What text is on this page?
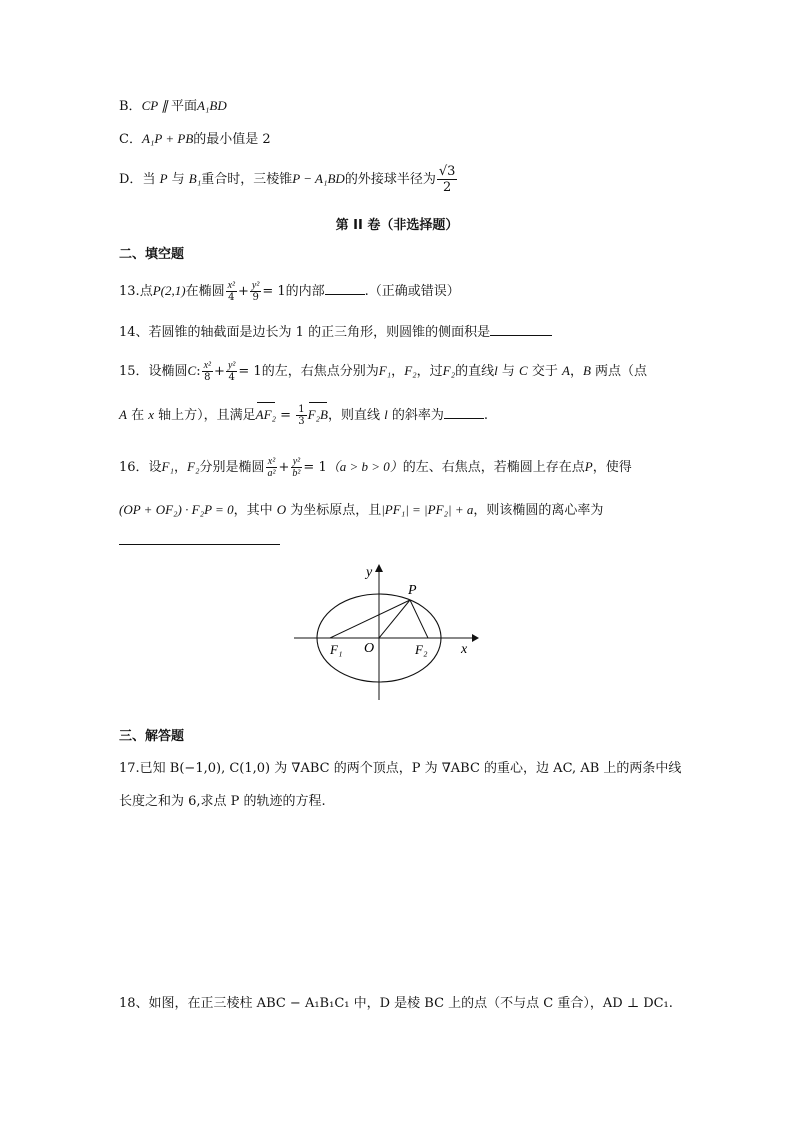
B．CP ∥ 平面A₁BD
C．A₁P + PB的最小值是 2
D．当 P 与 B₁重合时，三棱锥P − A₁BD的外接球半径为 $\frac{√3}{2}$
第 II 卷（非选择题）
二、填空题
13.点P(2,1)在椭圆 $\frac{\text{x²}}{4} + \frac{\text{y²}}{9} = 1$的内部	.（正确或错误）
14、若圆锥的轴截面是边长为 1 的正三角形，则圆锥的侧面积是
15．设椭圆C: $\frac{\text{x²}}{8} + \frac{\text{y²}}{4} = 1$的左，右焦点分别为F₁，F₂，过F₂的直线l 与 C 交于 A，B 两点（点
A 在 x 轴上方），且满足$AF_2 = \frac{1}{3} F_2B$，则直线 l 的斜率为	.
16．设F₁，F₂分别是椭圆 $\frac{\text{x²}}{\text{a²}} + \frac{\text{y²}}{\text{b²}} = 1(a > b > 0)$的左、右焦点，若椭圆上存在点P，使得
(OP + OF₂) · F₂P = 0，其中 O 为坐标原点，且|PF₁| = |PF₂| + a，则该椭圆的离心率为
y
P
F₁ O	F₂ x
三、解答题
17.已知 B(−1,0), C(1,0) 为 ∇ABC 的两个顶点，P 为 ∇ABC 的重心，边 AC, AB 上的两条中线
长度之和为 6,求点 P 的轨迹的方程.
18、如图，在正三棱柱 ABC − A₁B₁C₁ 中，D 是棱 BC 上的点（不与点 C 重合），AD ⊥ DC₁.
